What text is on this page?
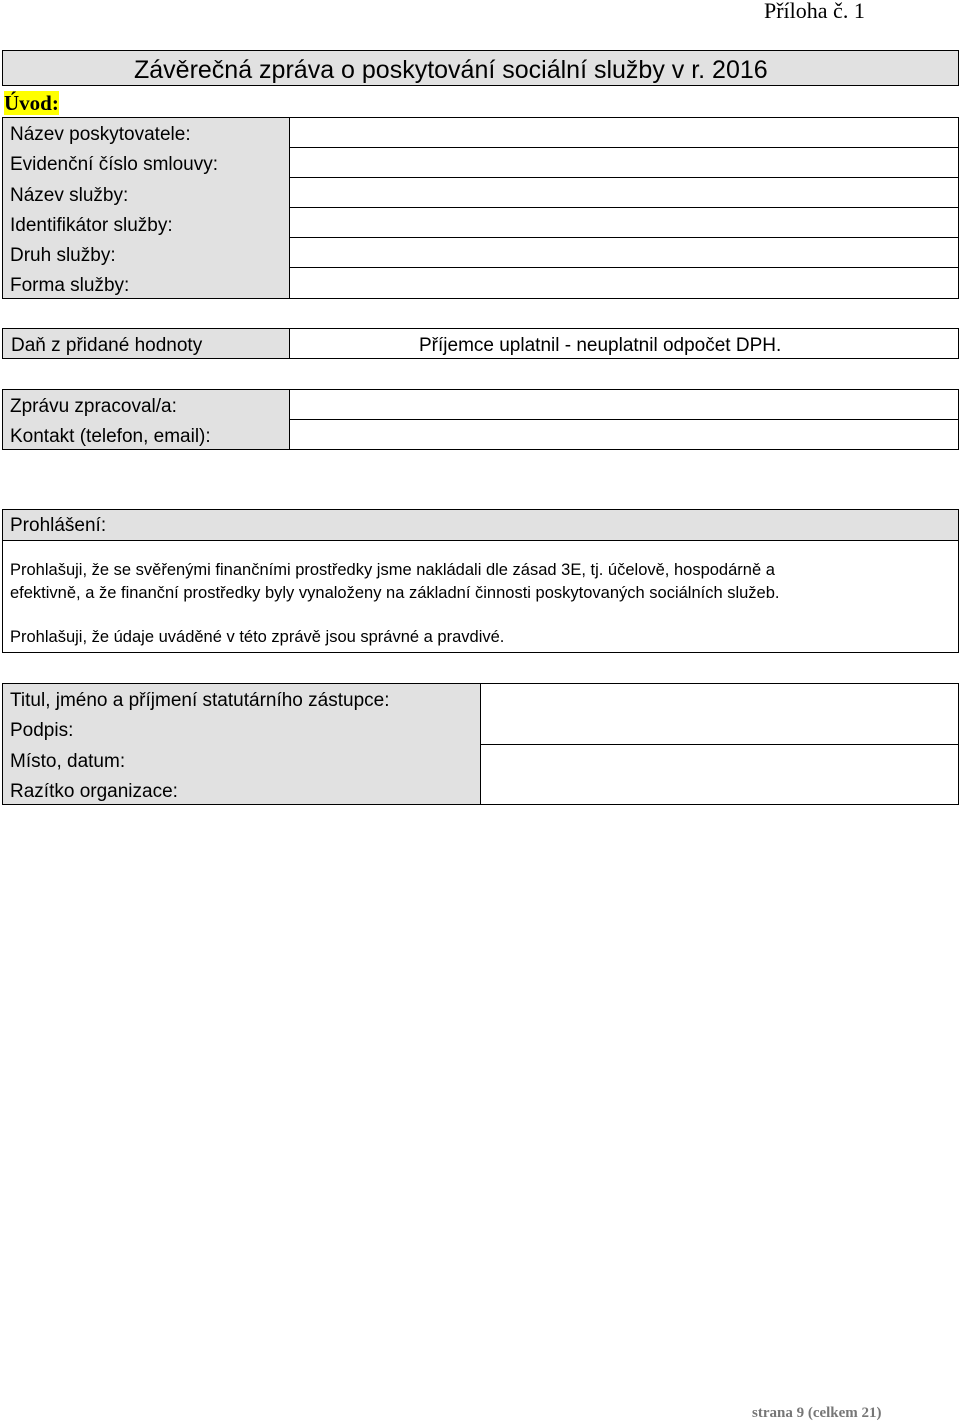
Příloha č. 1
Závěrečná zpráva o poskytování sociální služby v r. 2016
Úvod:
Název poskytovatele:
Evidenční číslo smlouvy:
Název služby:
Identifikátor služby:
Druh služby:
Forma služby:
Daň z přidané hodnoty	Příjemce uplatnil - neuplatnil odpočet DPH.
Zprávu zpracoval/a:
Kontakt (telefon, email):
Prohlášení:
Prohlašuji, že se svěřenými finančními prostředky jsme nakládali dle zásad 3E, tj. účelově, hospodárně a
efektivně, a že finanční prostředky byly vynaloženy na základní činnosti poskytovaných sociálních služeb.
Prohlašuji, že údaje uváděné v této zprávě jsou správné a pravdivé.
Titul, jméno a příjmení statutárního zástupce:
Podpis:
Místo, datum:
Razítko organizace:
strana 9 (celkem 21)
